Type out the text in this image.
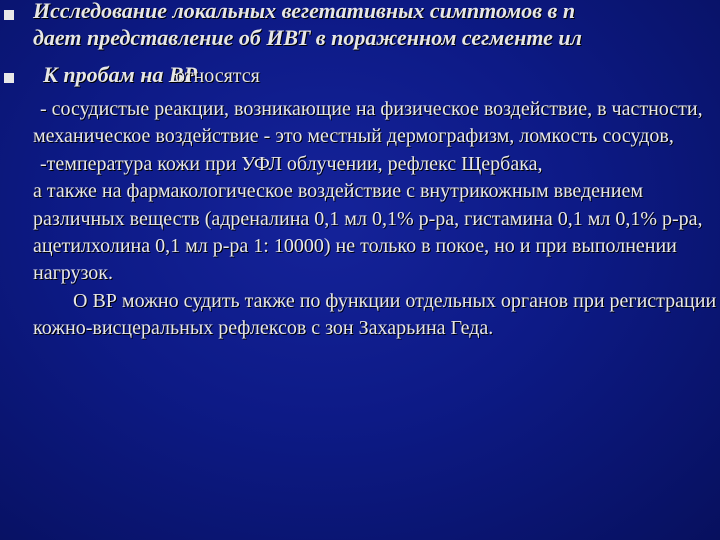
Исследование локальных вегетативных симптомов в п
дает представление об ИВТ в пораженном сегменте ил
К пробам на ВРотносятся

- сосудистые реакции, возникающие на физическое воздействие, в частности, механическое воздействие - это местный дермографизм, ломкость сосудов,

-температура кожи при УФЛ облучении, рефлекс Щербака,

а также на фармакологическое воздействие с внутрикожным введением различных веществ (адреналина 0,1 мл 0,1% р-ра, гистамина 0,1 мл 0,1% р-ра, ацетилхолина 0,1 мл р-ра 1: 10000) не только в покое, но и при выполнении нагрузок.

О ВР можно судить также по функции отдельных органов при регистрации кожно-висцеральных рефлексов с зон Захарьина Геда.
